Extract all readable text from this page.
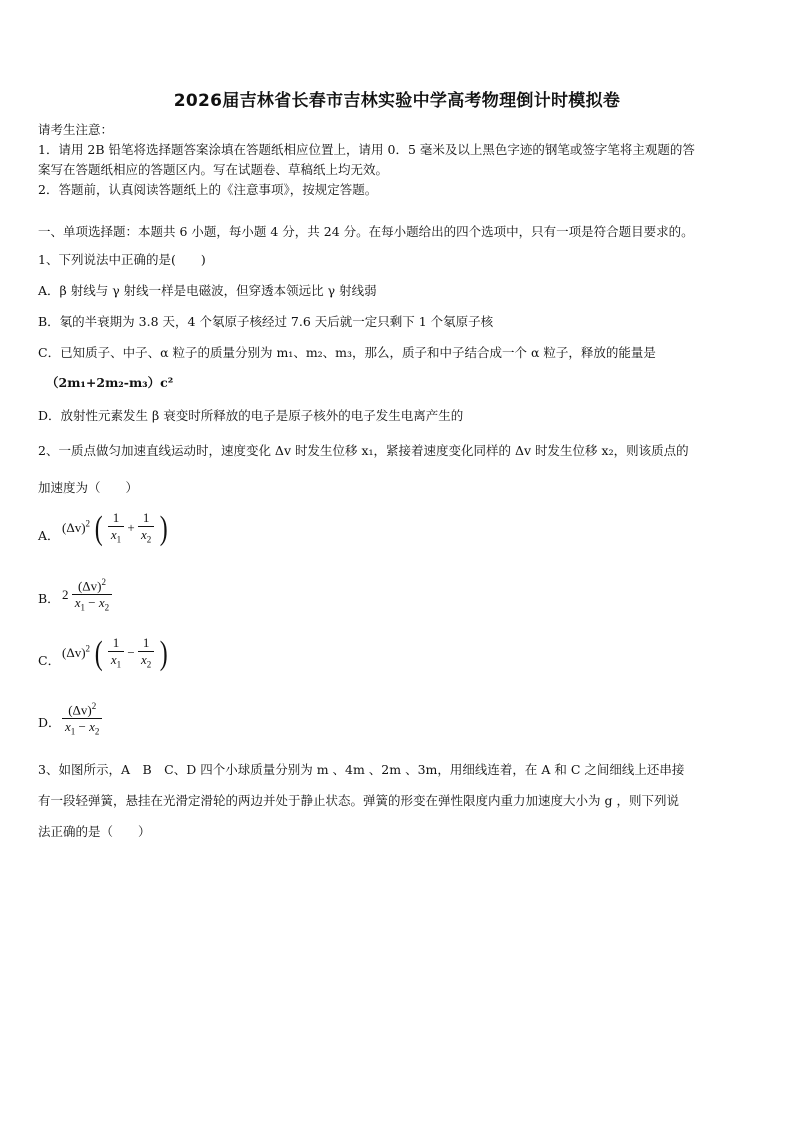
2026届吉林省长春市吉林实验中学高考物理倒计时模拟卷
请考生注意：
1．请用 2B 铅笔将选择题答案涂填在答题纸相应位置上，请用 0．5 毫米及以上黑色字迹的钢笔或签字笔将主观题的答
案写在答题纸相应的答题区内。写在试题卷、草稿纸上均无效。
2．答题前，认真阅读答题纸上的《注意事项》，按规定答题。
一、单项选择题：本题共 6 小题，每小题 4 分，共 24 分。在每小题给出的四个选项中，只有一项是符合题目要求的。
1、下列说法中正确的是(　　)
A．β 射线与 γ 射线一样是电磁波，但穿透本领远比 γ 射线弱
B．氡的半衰期为 3.8 天，4 个氡原子核经过 7.6 天后就一定只剩下 1 个氡原子核
C．已知质子、中子、α 粒子的质量分别为 m₁、m₂、m₃，那么，质子和中子结合成一个 α 粒子，释放的能量是
（2m₁+2m₂-m₃）c²
D．放射性元素发生 β 衰变时所释放的电子是原子核外的电子发生电离产生的
2、一质点做匀加速直线运动时，速度变化 Δv 时发生位移 x₁，紧接着速度变化同样的 Δv 时发生位移 x₂，则该质点的
加速度为（　　）
A．
$(\Delta v)^2$ ( $\frac{1}{x_1} + \frac{1}{x_2}$ )
B． $2 \frac{(\Delta v)^2}{x_1 - x_2}$
C．
$(\Delta v)^2$ ( $\frac{1}{x_1} - \frac{1}{x_2}$ )
D． $\frac{(\Delta v)^2}{x_1 - x_2}$
3、如图所示，A　B　C、D 四个小球质量分别为 m 、4m 、2m 、3m，用细线连着，在 A 和 C 之间细线上还串接
有一段轻弹簧，悬挂在光滑定滑轮的两边并处于静止状态。弹簧的形变在弹性限度内重力加速度大小为 g ，则下列说
法正确的是（　　）
